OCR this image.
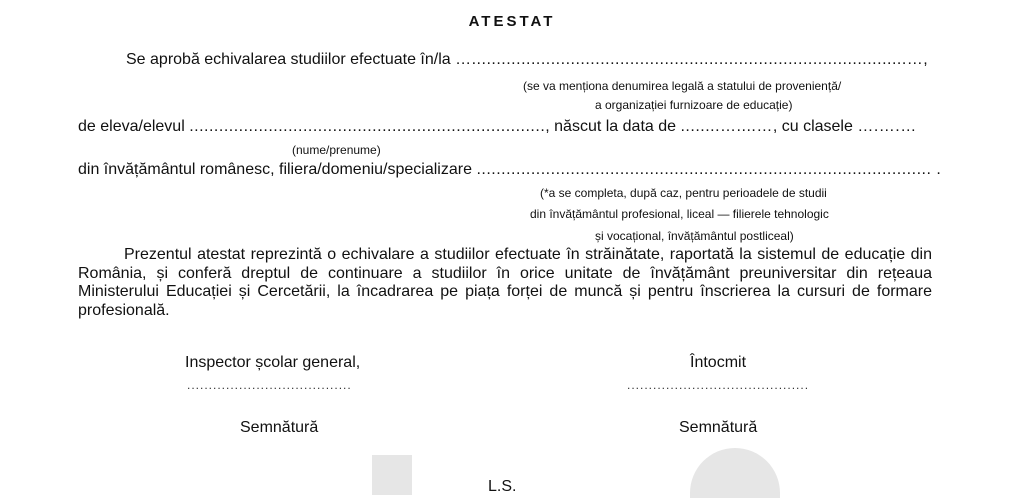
ATESTAT
Se aprobă echivalarea studiilor efectuate în/la …........................................................................................…,
(se va menționa denumirea legală a statului de proveniență/
a organizației furnizoare de educație)
de eleva/elevul ........................................................................, născut la data de ........…....…, cu clasele ….….…
(nume/prenume)
din învățământul românesc, filiera/domeniu/specializare ............................................................................................ .
(*a se completa, după caz, pentru perioadele de studii
din învățământul profesional, liceal — filierele tehnologic
și vocațional, învățământul postliceal)
Prezentul atestat reprezintă o echivalare a studiilor efectuate în străinătate, raportată la sistemul de educație din România, și conferă dreptul de continuare a studiilor în orice unitate de învățământ preuniversitar din rețeaua Ministerului Educației și Cercetării, la încadrarea pe piața forței de muncă și pentru înscrierea la cursuri de formare profesională.
Inspector școlar general,
......................................
Semnătură
Întocmit
..........................................
Semnătură
L.S.
